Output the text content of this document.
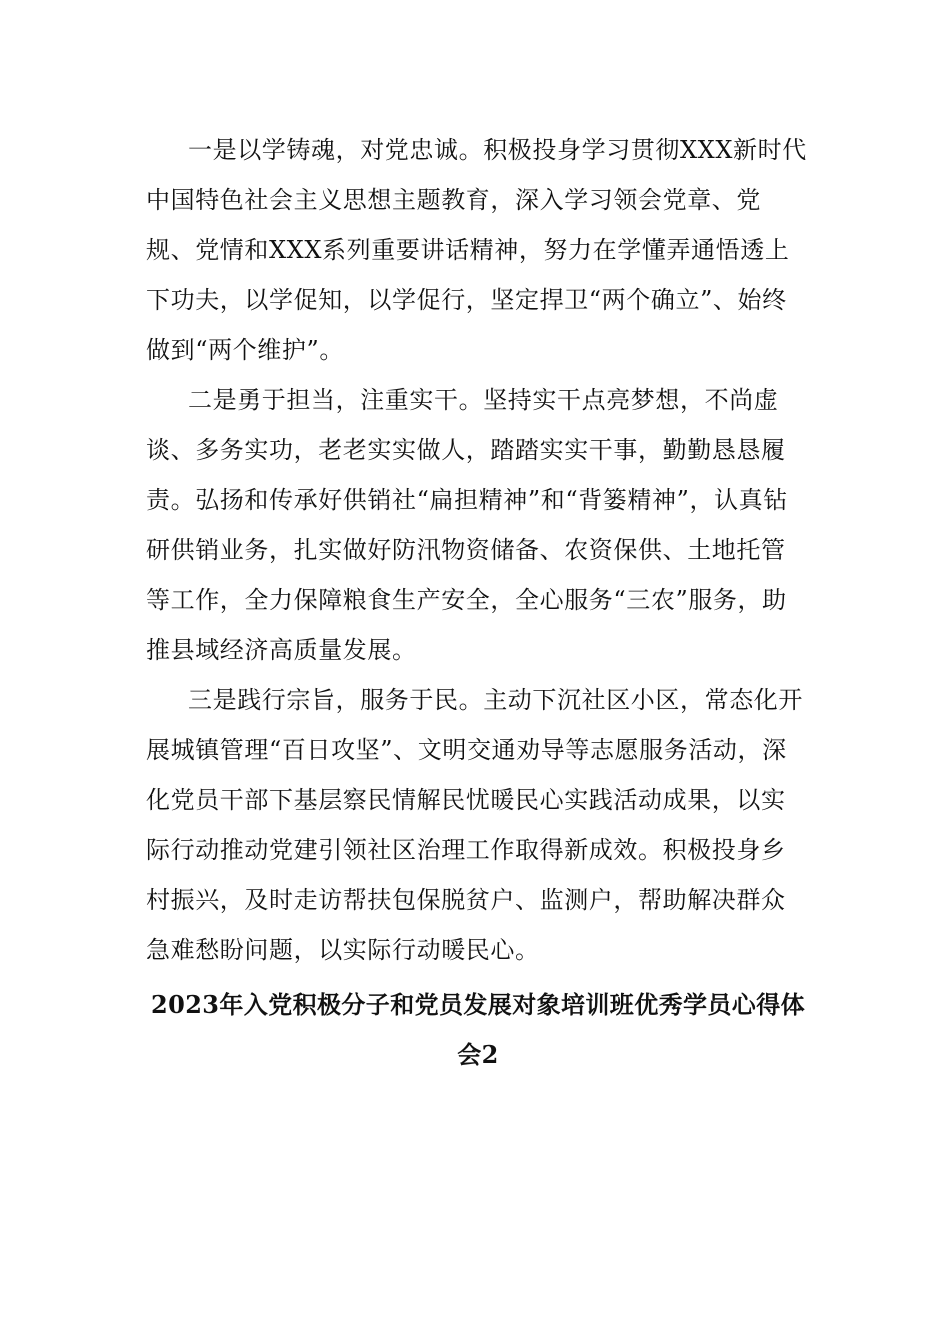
一是以学铸魂，对党忠诚。积极投身学习贯彻XXX新时代中国特色社会主义思想主题教育，深入学习领会党章、党规、党情和XXX系列重要讲话精神，努力在学懂弄通悟透上下功夫，以学促知，以学促行，坚定捍卫“两个确立”、始终做到“两个维护”。

二是勇于担当，注重实干。坚持实干点亮梦想，不尚虚谈、多务实功，老老实实做人，踏踏实实干事，勤勤恳恳履责。弘扬和传承好供销社“扁担精神”和“背篓精神”，认真钻研供销业务，扎实做好防汛物资储备、农资保供、土地托管等工作，全力保障粮食生产安全，全心服务“三农”服务，助推县域经济高质量发展。

三是践行宗旨，服务于民。主动下沉社区小区，常态化开展城镇管理“百日攻坚”、文明交通劝导等志愿服务活动，深化党员干部下基层察民情解民忧暖民心实践活动成果，以实际行动推动党建引领社区治理工作取得新成效。积极投身乡村振兴，及时走访帮扶包保脱贫户、监测户，帮助解决群众急难愁盼问题，以实际行动暖民心。

2023年入党积极分子和党员发展对象培训班优秀学员心得体会2
